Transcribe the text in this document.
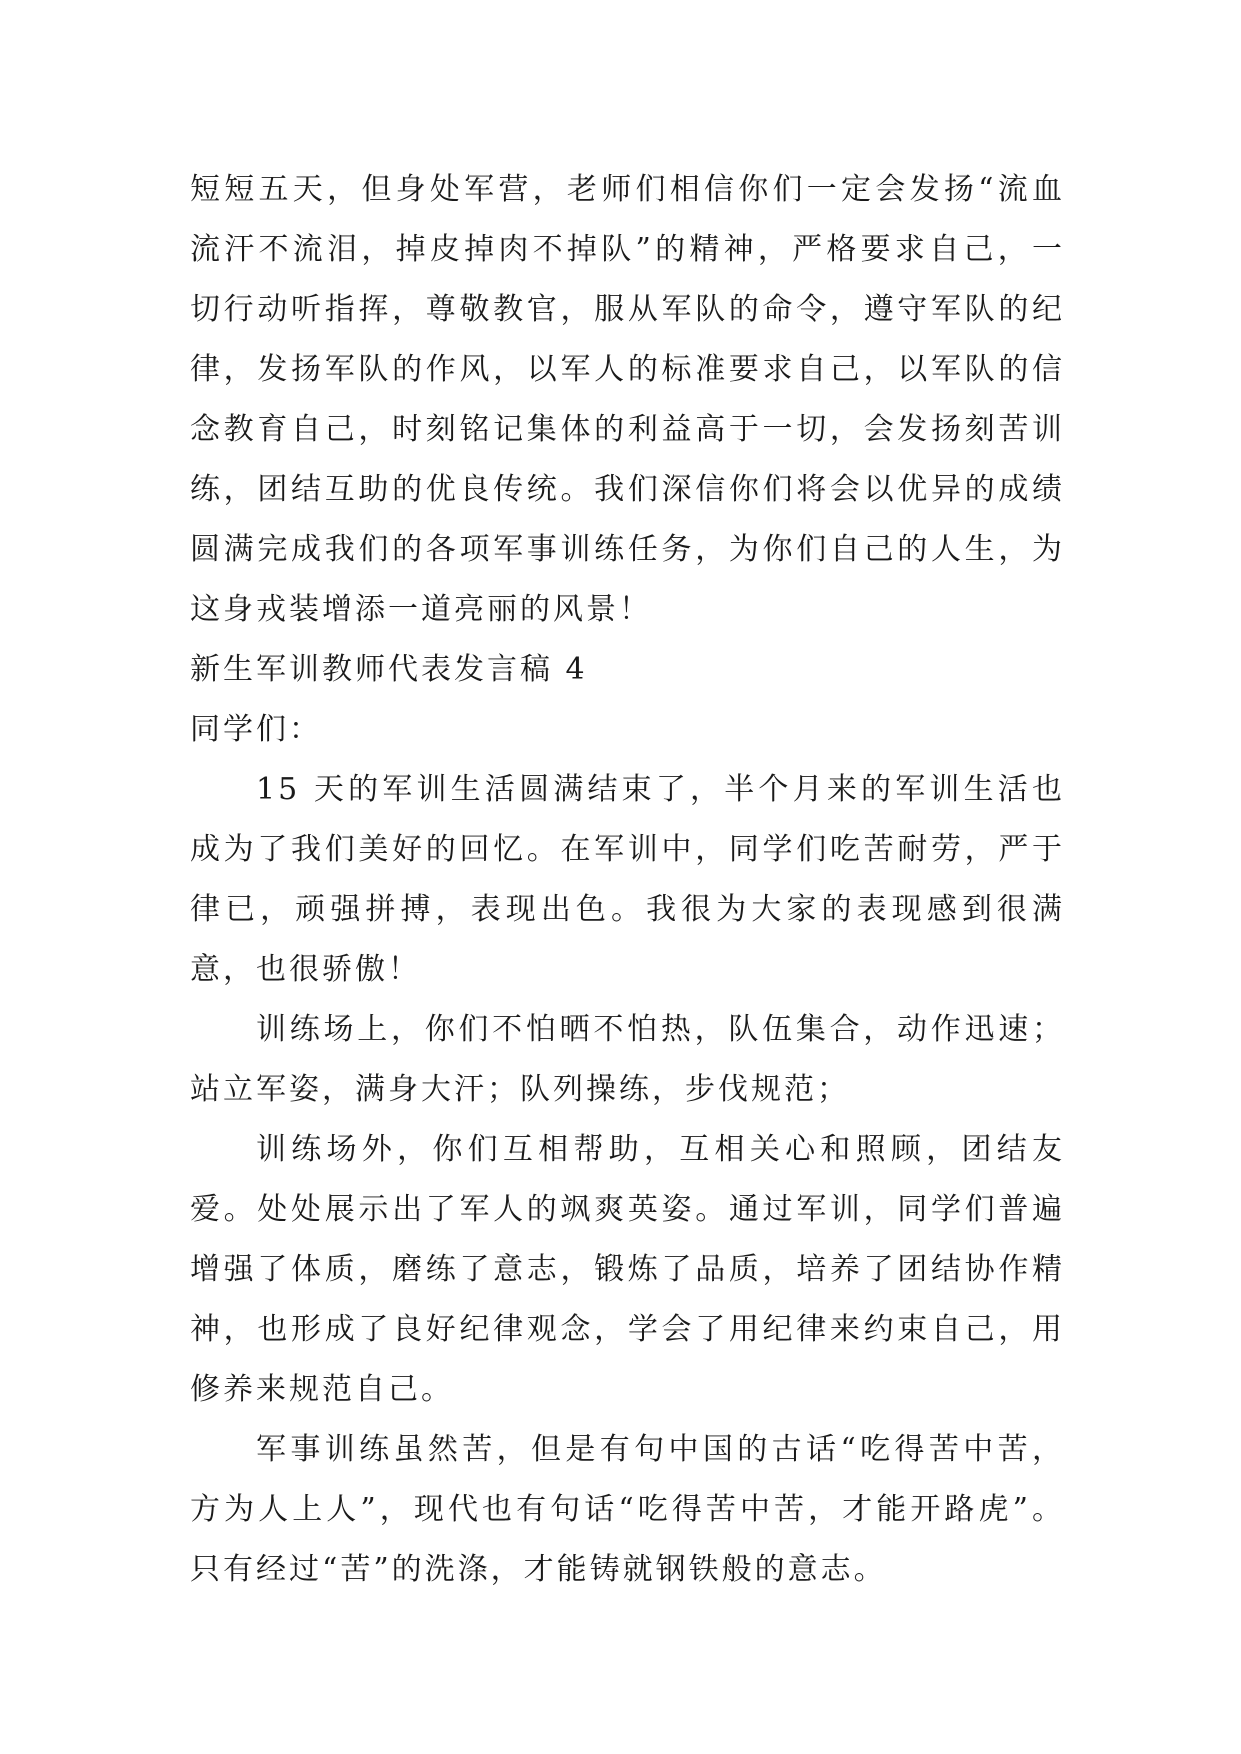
短短五天，但身处军营，老师们相信你们一定会发扬“流血流汗不流泪，掉皮掉肉不掉队”的精神，严格要求自己，一切行动听指挥，尊敬教官，服从军队的命令，遵守军队的纪律，发扬军队的作风，以军人的标准要求自己，以军队的信念教育自己，时刻铭记集体的利益高于一切，会发扬刻苦训练，团结互助的优良传统。我们深信你们将会以优异的成绩圆满完成我们的各项军事训练任务，为你们自己的人生，为这身戎装增添一道亮丽的风景！

新生军训教师代表发言稿 4

同学们：

15 天的军训生活圆满结束了，半个月来的军训生活也成为了我们美好的回忆。在军训中，同学们吃苦耐劳，严于律已，顽强拼搏，表现出色。我很为大家的表现感到很满意，也很骄傲！

训练场上，你们不怕晒不怕热，队伍集合，动作迅速；站立军姿，满身大汗；队列操练，步伐规范；

训练场外，你们互相帮助，互相关心和照顾，团结友爱。处处展示出了军人的飒爽英姿。通过军训，同学们普遍增强了体质，磨练了意志，锻炼了品质，培养了团结协作精神，也形成了良好纪律观念，学会了用纪律来约束自己，用修养来规范自己。

军事训练虽然苦，但是有句中国的古话“吃得苦中苦，方为人上人”，现代也有句话“吃得苦中苦，才能开路虎”。只有经过“苦”的洗涤，才能铸就钢铁般的意志。
